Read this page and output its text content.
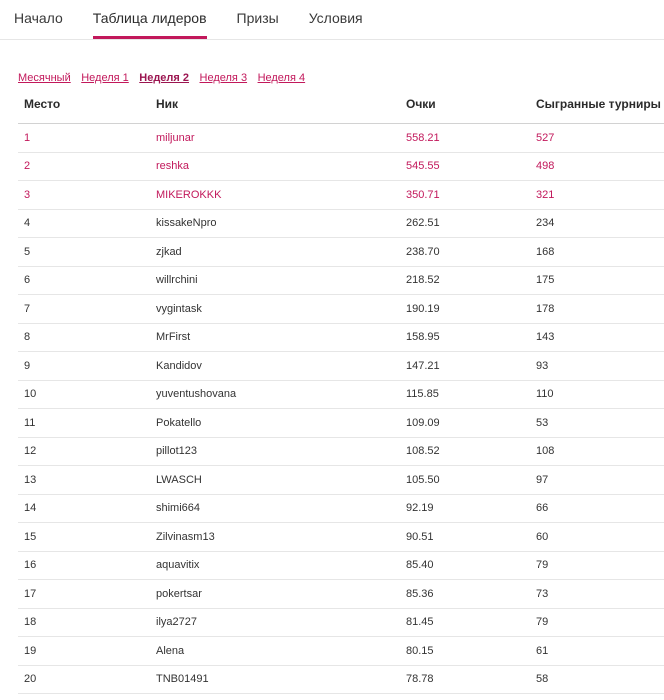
Начало Таблица лидеров Призы Условия
Месячный Неделя 1 Неделя 2 Неделя 3 Неделя 4
Место	Ник	Очки	Сыгранные турниры
1	miljunar	558.21	527
2	reshka	545.55	498
3	MIKEROKKK	350.71	321
4	kissakeNpro	262.51	234
5	zjkad	238.70	168
6	willrchini	218.52	175
7	vygintask	190.19	178
8	MrFirst	158.95	143
9	Kandidov	147.21	93
10	yuventushovana	115.85	110
11	Pokatello	109.09	53
12	pillot123	108.52	108
13	LWASCH	105.50	97
14	shimi664	92.19	66
15	Zilvinasm13	90.51	60
16	aquavitix	85.40	79
17	pokertsar	85.36	73
18	ilya2727	81.45	79
19	Alena	80.15	61
20	TNB01491	78.78	58
